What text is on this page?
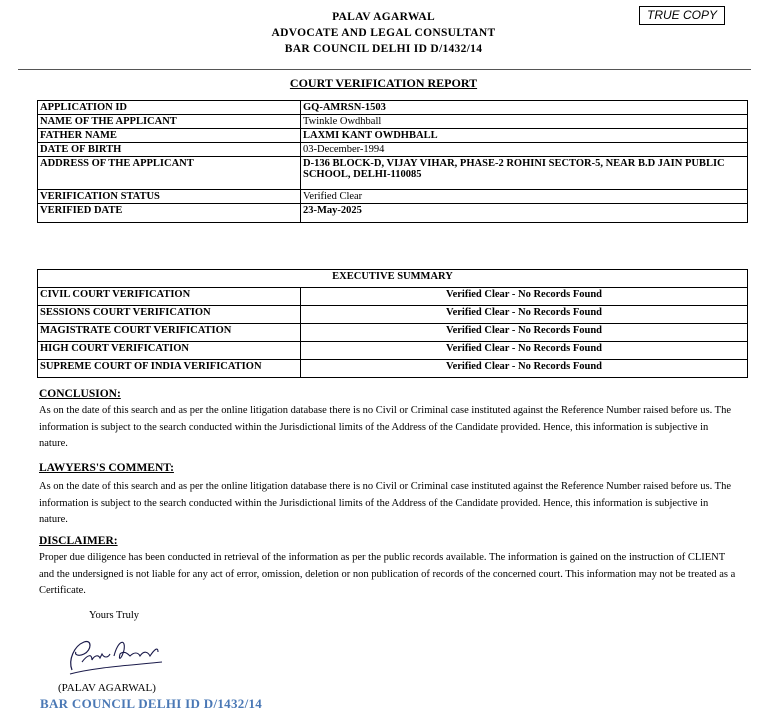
PALAV AGARWAL
ADVOCATE AND LEGAL CONSULTANT
BAR COUNCIL DELHI ID D/1432/14
TRUE COPY
COURT VERIFICATION REPORT
APPLICATION ID	GQ-AMRSN-1503
NAME OF THE APPLICANT	Twinkle Owdhball
FATHER NAME	LAXMI KANT OWDHBALL
DATE OF BIRTH	03-December-1994
ADDRESS OF THE APPLICANT	D-136 BLOCK-D, VIJAY VIHAR, PHASE-2 ROHINI SECTOR-5, NEAR B.D JAIN PUBLIC SCHOOL, DELHI-110085
VERIFICATION STATUS	Verified Clear
VERIFIED DATE	23-May-2025
EXECUTIVE SUMMARY	
CIVIL COURT VERIFICATION	Verified Clear - No Records Found
SESSIONS COURT VERIFICATION	Verified Clear - No Records Found
MAGISTRATE COURT VERIFICATION	Verified Clear - No Records Found
HIGH COURT VERIFICATION	Verified Clear - No Records Found
SUPREME COURT OF INDIA VERIFICATION	Verified Clear - No Records Found
CONCLUSION:
As on the date of this search and as per the online litigation database there is no Civil or Criminal case instituted against the Reference Number raised before us. The information is subject to the search conducted within the Jurisdictional limits of the Address of the Candidate provided. Hence, this information is subjective in nature.
LAWYERS'S COMMENT:
As on the date of this search and as per the online litigation database there is no Civil or Criminal case instituted against the Reference Number raised before us. The information is subject to the search conducted within the Jurisdictional limits of the Address of the Candidate provided. Hence, this information is subjective in nature.
DISCLAIMER:
Proper due diligence has been conducted in retrieval of the information as per the public records available. The information is gained on the instruction of CLIENT and the undersigned is not liable for any act of error, omission, deletion or non publication of records of the concerned court. This information may not be treated as a Certificate.
Yours Truly
(PALAV AGARWAL)
BAR COUNCIL DELHI ID D/1432/14
